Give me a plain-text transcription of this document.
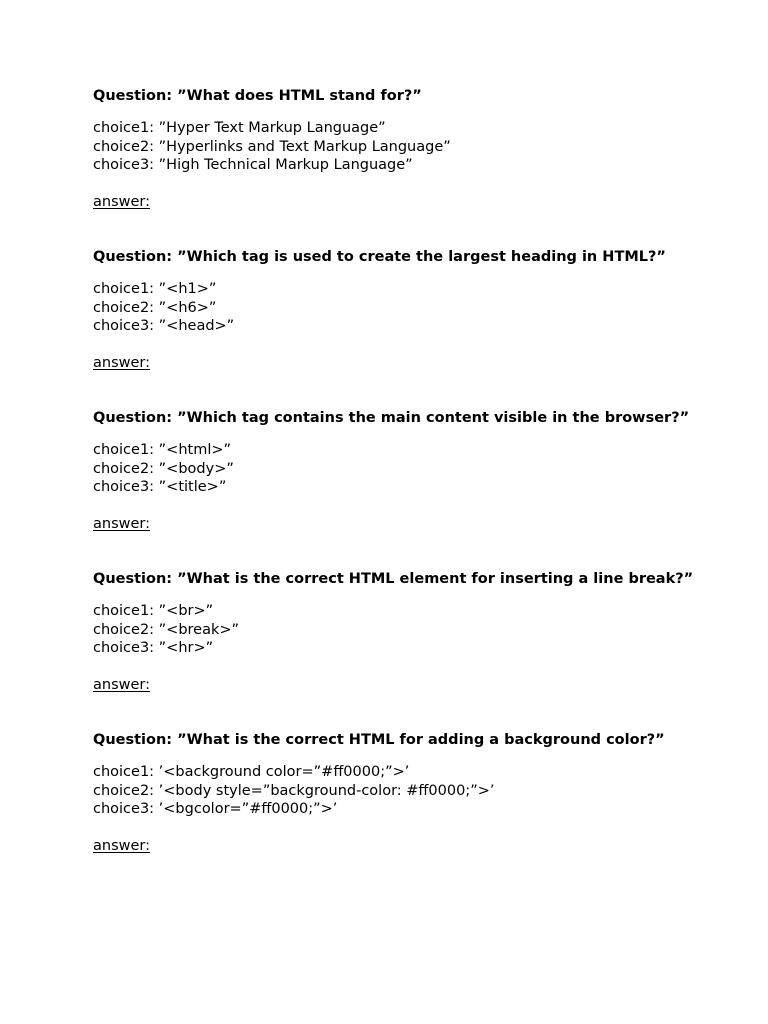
Question: ”What does HTML stand for?”
choice1: ”Hyper Text Markup Language”
choice2: ”Hyperlinks and Text Markup Language”
choice3: ”High Technical Markup Language”
answer:
Question: ”Which tag is used to create the largest heading in HTML?”
choice1: ”<h1>”
choice2: ”<h6>”
choice3: ”<head>”
answer:
Question: ”Which tag contains the main content visible in the browser?”
choice1: ”<html>”
choice2: ”<body>”
choice3: ”<title>”
answer:
Question: ”What is the correct HTML element for inserting a line break?”
choice1: ”<br>”
choice2: ”<break>”
choice3: ”<hr>”
answer:
Question: ”What is the correct HTML for adding a background color?”
choice1: ’<background color=”#ff0000;”>’
choice2: ’<body style=”background-color: #ff0000;”>’
choice3: ’<bgcolor=”#ff0000;”>’
answer:
